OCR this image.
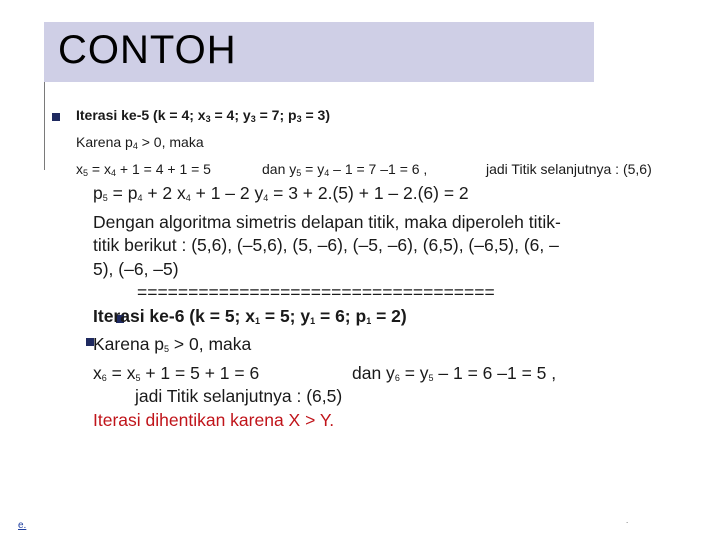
CONTOH
Iterasi ke-5 (k = 4; $x_3 = 4$; $y_3 = 7$; $p_3 = 3$)
Karena $p_4 > 0$, maka
$x_5 = x_4 + 1 = 4 + 1 = 5$	dan $y_5 = y_4 - 1 = 7$ –1 = 6 ,	jadi Titik selanjutnya : (5,6)
$p_5 = p_4 + 2$ $x_4 + 1 - 2$ $y_4 = 3 + 2.(5) + 1 - 2.(6) = 2$
Dengan algoritma simetris delapan titik, maka diperoleh titik-
titik berikut : (5,6), (–5,6), (5, –6), (–5, –6), (6,5), (–6,5), (6, –
5), (–6, –5)
===================================
Iterasi ke-6 (k = 5; $x_1 = 5$; $y_1 = 6$; $p_1 = 2$)
Karena $p_5 > 0$, maka
$x_6 = x_5 + 1 = 5 + 1 = 6$	dan $y_6 = y_5 - 1 = 6$ –1 = 5 ,
jadi Titik selanjutnya : (6,5)
Iterasi dihentikan karena X > Y.
e.	.
